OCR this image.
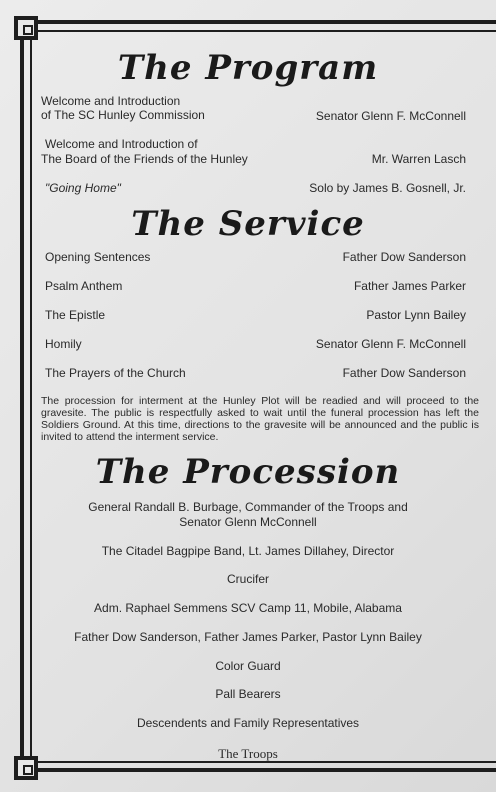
The Program
Welcome and Introduction
of The SC Hunley Commission	Senator Glenn F. McConnell
Welcome and Introduction of
The Board of the Friends of the Hunley	Mr. Warren Lasch
"Going Home"	Solo by James B. Gosnell, Jr.
The Service
Opening Sentences	Father Dow Sanderson
Psalm Anthem	Father James Parker
The Epistle	Pastor Lynn Bailey
Homily	Senator Glenn F. McConnell
The Prayers of the Church	Father Dow Sanderson
The procession for interment at the Hunley Plot will be readied and will proceed to the gravesite. The public is respectfully asked to wait until the funeral procession has left the Soldiers Ground. At this time, directions to the gravesite will be announced and the public is invited to attend the interment service.
The Procession
General Randall B. Burbage, Commander of the Troops and
Senator Glenn McConnell
The Citadel Bagpipe Band, Lt. James Dillahey, Director
Crucifer
Adm. Raphael Semmens SCV Camp 11, Mobile, Alabama
Father Dow Sanderson, Father James Parker, Pastor Lynn Bailey
Color Guard
Pall Bearers
Descendents and Family Representatives
The Troops
